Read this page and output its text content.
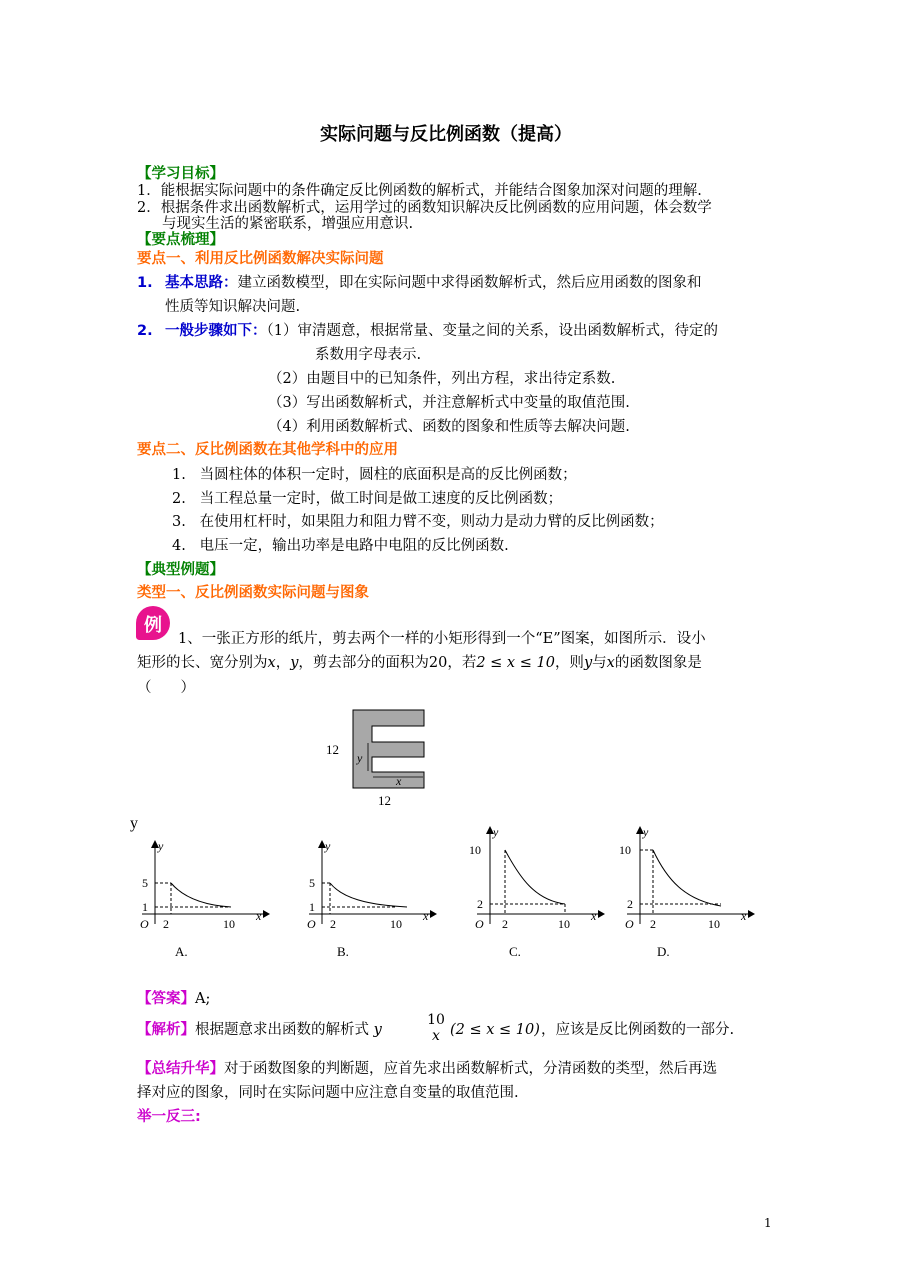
实际问题与反比例函数（提高）
【学习目标】
1．能根据实际问题中的条件确定反比例函数的解析式，并能结合图象加深对问题的理解.
2．根据条件求出函数解析式，运用学过的函数知识解决反比例函数的应用问题，体会数学
与现实生活的紧密联系，增强应用意识.
【要点梳理】
要点一、利用反比例函数解决实际问题
1. 基本思路：建立函数模型，即在实际问题中求得函数解析式，然后应用函数的图象和
性质等知识解决问题.
2. 一般步骤如下：（1）审清题意，根据常量、变量之间的关系，设出函数解析式，待定的
系数用字母表示.
（2）由题目中的已知条件，列出方程，求出待定系数.
（3）写出函数解析式，并注意解析式中变量的取值范围.
（4）利用函数解析式、函数的图象和性质等去解决问题.
要点二、反比例函数在其他学科中的应用
1.   当圆柱体的体积一定时，圆柱的底面积是高的反比例函数；
2.   当工程总量一定时，做工时间是做工速度的反比例函数；
3.   在使用杠杆时，如果阻力和阻力臂不变，则动力是动力臂的反比例函数；
4.   电压一定，输出功率是电路中电阻的反比例函数.
【典型例题】
类型一、反比例函数实际问题与图象
例
1、一张正方形的纸片，剪去两个一样的小矩形得到一个“E”图案，如图所示．设小
矩形的长、宽分别为x，y，剪去部分的面积为20，若2 ≤ x ≤ 10，则y与x的函数图象是
（　　）
12
12
y
x
y
y
x
O
5
1
2	10
A.
y
x
O
5
1
2	10
B.
y
x
O
10
2
2	10
C.
y
x
O
10
2
2	10
D.
【答案】A;
【解析】根据题意求出函数的解析式 y
10
x (2 ≤ x ≤ 10) ，应该是反比例函数的一部分.
【总结升华】对于函数图象的判断题，应首先求出函数解析式，分清函数的类型，然后再选
择对应的图象，同时在实际问题中应注意自变量的取值范围.
举一反三:
1
